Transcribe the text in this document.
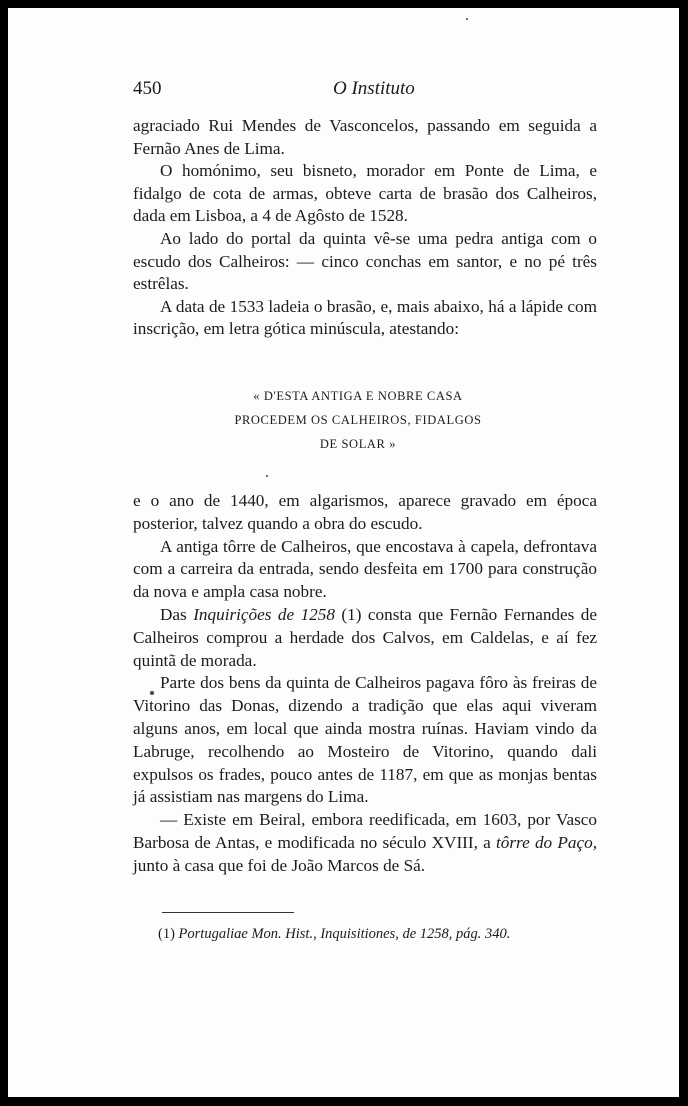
450	O Instituto

agraciado Rui Mendes de Vasconcelos, passando em seguida a Fernão Anes de Lima.

O homónimo, seu bisneto, morador em Ponte de Lima, e fidalgo de cota de armas, obteve carta de brasão dos Calheiros, dada em Lisboa, a 4 de Agôsto de 1528.

Ao lado do portal da quinta vê-se uma pedra antiga com o escudo dos Calheiros: — cinco conchas em santor, e no pé três estrêlas.

A data de 1533 ladeia o brasão, e, mais abaixo, há a lápide com inscrição, em letra gótica minúscula, atestando:

« D'ESTA ANTIGA E NOBRE CASA
PROCEDEM OS CALHEIROS, FIDALGOS
DE SOLAR »

e o ano de 1440, em algarismos, aparece gravado em época posterior, talvez quando a obra do escudo.

A antiga tôrre de Calheiros, que encostava à capela, defrontava com a carreira da entrada, sendo desfeita em 1700 para construção da nova e ampla casa nobre.

Das Inquirições de 1258 (1) consta que Fernão Fernandes de Calheiros comprou a herdade dos Calvos, em Caldelas, e aí fez quintã de morada.

Parte dos bens da quinta de Calheiros pagava fôro às freiras de Vitorino das Donas, dizendo a tradição que elas aqui viveram alguns anos, em local que ainda mostra ruínas. Haviam vindo da Labruge, recolhendo ao Mosteiro de Vitorino, quando dali expulsos os frades, pouco antes de 1187, em que as monjas bentas já assistiam nas margens do Lima.

— Existe em Beiral, embora reedificada, em 1603, por Vasco Barbosa de Antas, e modificada no século XVIII, a tôrre do Paço, junto à casa que foi de João Marcos de Sá.

(1) Portugaliae Mon. Hist., Inquisitiones, de 1258, pág. 340.
